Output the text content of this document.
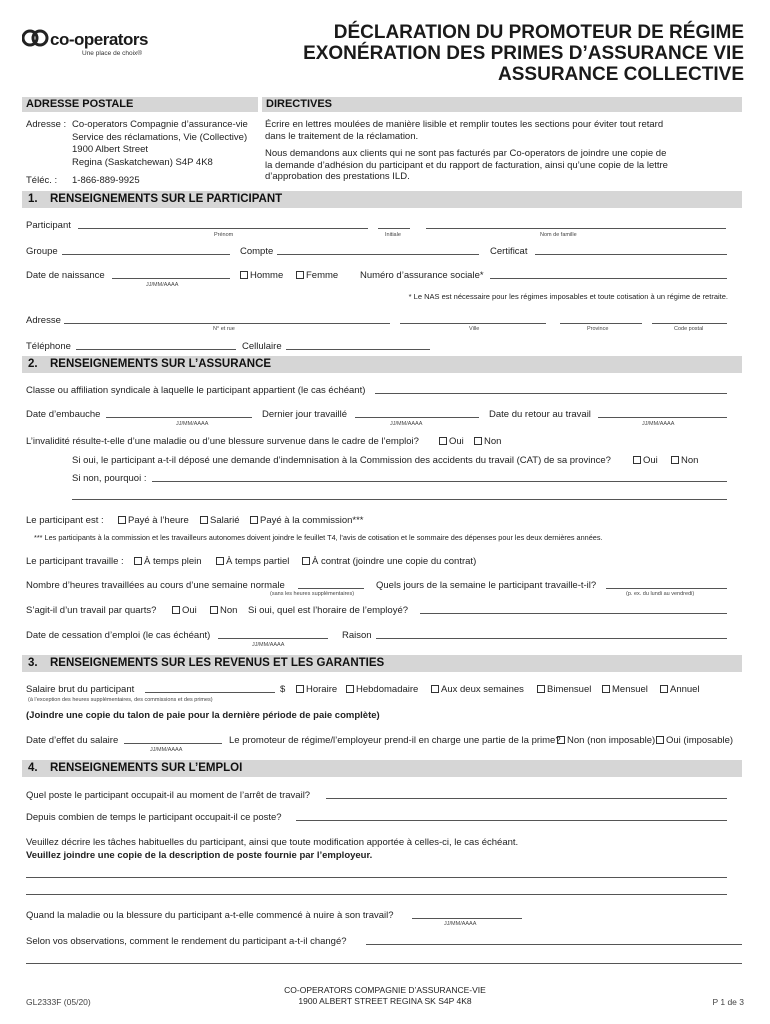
co-operators
Une place de choix®
DÉCLARATION DU PROMOTEUR DE RÉGIME
EXONÉRATION DES PRIMES D’ASSURANCE VIE
ASSURANCE COLLECTIVE
ADRESSE POSTALE	DIRECTIVES
Adresse : Co-operators Compagnie d’assurance-vie
Service des réclamations, Vie (Collective)
1900 Albert Street
Regina (Saskatchewan) S4P 4K8
Téléc. : 1-866-889-9925
Écrire en lettres moulées de manière lisible et remplir toutes les sections pour éviter tout retard
dans le traitement de la réclamation.
Nous demandons aux clients qui ne sont pas facturés par Co-operators de joindre une copie de
la demande d’adhésion du participant et du rapport de facturation, ainsi qu’une copie de la lettre
d’approbation des prestations ILD.
1. RENSEIGNEMENTS SUR LE PARTICIPANT
Participant
Prénom	Initiale	Nom de famille
Groupe	Compte	Certificat
Date de naissance
JJ/MM/AAAA
Homme	Femme Numéro d’assurance sociale*
* Le NAS est nécessaire pour les régimes imposables et toute cotisation à un régime de retraite.
Adresse
N° et rue	Ville	Province	Code postal
Téléphone	Cellulaire
2. RENSEIGNEMENTS SUR L’ASSURANCE
Classe ou affiliation syndicale à laquelle le participant appartient (le cas échéant)
Date d’embauche
JJ/MM/AAAA
Dernier jour travaillé
JJ/MM/AAAA
Date du retour au travail
JJ/MM/AAAA
L’invalidité résulte-t-elle d’une maladie ou d’une blessure survenue dans le cadre de l’emploi?	Oui	Non
Si oui, le participant a-t-il déposé une demande d’indemnisation à la Commission des accidents du travail (CAT) de sa province?	Oui	Non
Si non, pourquoi :
Le participant est :	Payé à l’heure	Salarié	Payé à la commission***
*** Les participants à la commission et les travailleurs autonomes doivent joindre le feuillet T4, l’avis de cotisation et le sommaire des dépenses pour les deux dernières années.
Le participant travaille :	À temps plein	À temps partiel	À contrat (joindre une copie du contrat)
Nombre d’heures travaillées au cours d’une semaine normale
(sans les heures supplémentaires)
Quels jours de la semaine le participant travaille-t-il?
(p. ex. du lundi au vendredi)
S’agit-il d’un travail par quarts?	Oui	Non Si oui, quel est l’horaire de l’employé?
Date de cessation d’emploi (le cas échéant)
JJ/MM/AAAA
Raison
3. RENSEIGNEMENTS SUR LES REVENUS ET LES GARANTIES
Salaire brut du participant	$
(à l’exception des heures supplémentaires, des commissions et des primes)
Horaire	Hebdomadaire	Aux deux semaines	Bimensuel	Mensuel	Annuel
(Joindre une copie du talon de paie pour la dernière période de paie complète)
Date d’effet du salaire
JJ/MM/AAAA
Le promoteur de régime/l’employeur prend-il en charge une partie de la prime? Non (non imposable)	Oui (imposable)
4. RENSEIGNEMENTS SUR L’EMPLOI
Quel poste le participant occupait-il au moment de l’arrêt de travail?
Depuis combien de temps le participant occupait-il ce poste?
Veuillez décrire les tâches habituelles du participant, ainsi que toute modification apportée à celles-ci, le cas échéant.
Veuillez joindre une copie de la description de poste fournie par l’employeur.
Quand la maladie ou la blessure du participant a-t-elle commencé à nuire à son travail?
JJ/MM/AAAA
Selon vos observations, comment le rendement du participant a-t-il changé?
GL2333F (05/20)
CO-OPERATORS COMPAGNIE D’ASSURANCE-VIE
1900 ALBERT STREET REGINA SK S4P 4K8	P 1 de 3
